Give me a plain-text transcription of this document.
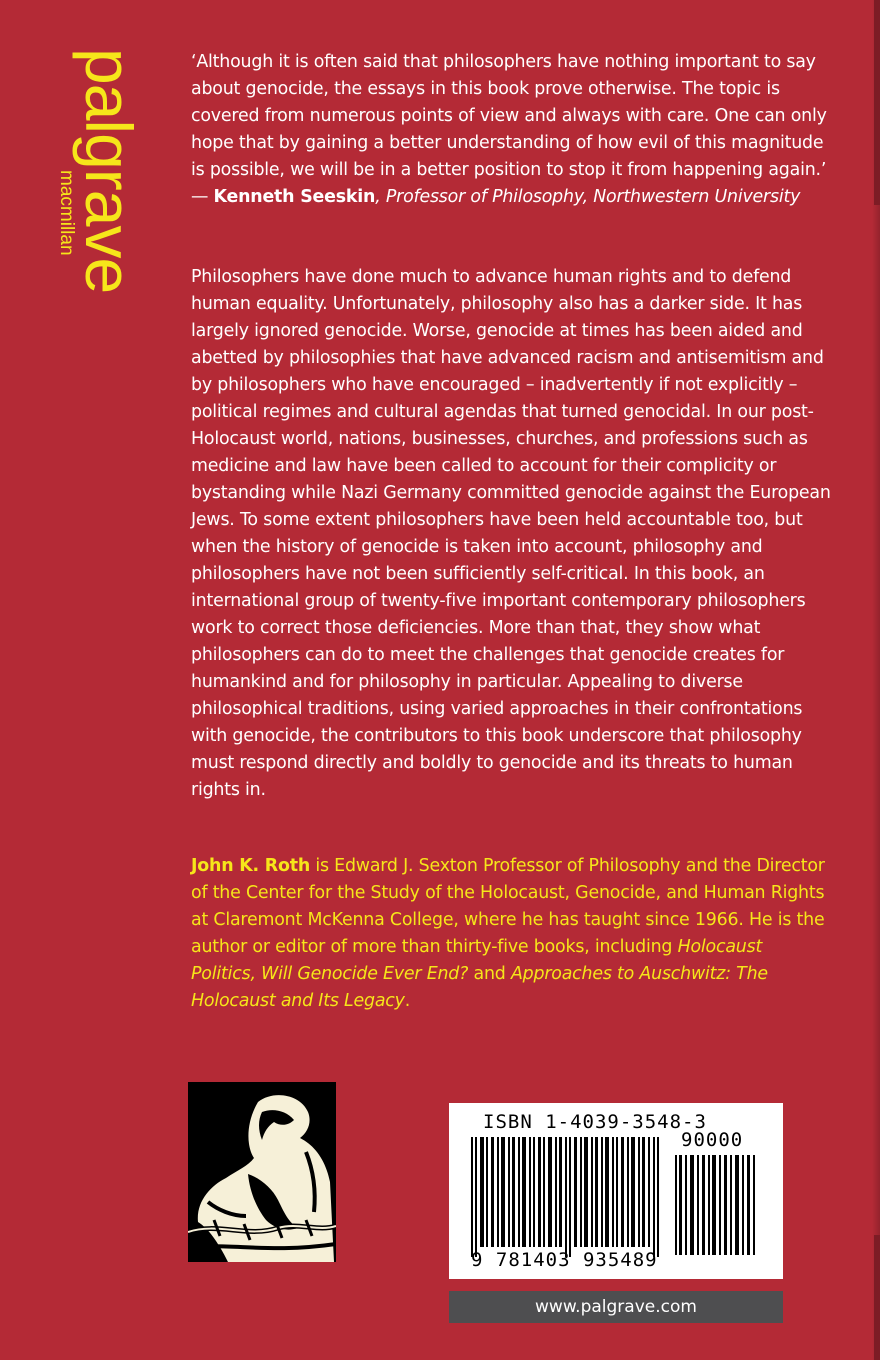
palgrave
macmillan
‘Although it is often said that philosophers have nothing important to say about genocide, the essays in this book prove otherwise. The topic is covered from numerous points of view and always with care. One can only hope that by gaining a better understanding of how evil of this magnitude is possible, we will be in a better position to stop it from happening again.’
— Kenneth Seeskin, Professor of Philosophy, Northwestern University
Philosophers have done much to advance human rights and to defend human equality. Unfortunately, philosophy also has a darker side. It has largely ignored genocide. Worse, genocide at times has been aided and abetted by philosophies that have advanced racism and antisemitism and by philosophers who have encouraged – inadvertently if not explicitly – political regimes and cultural agendas that turned genocidal. In our post-Holocaust world, nations, businesses, churches, and professions such as medicine and law have been called to account for their complicity or bystanding while Nazi Germany committed genocide against the European Jews. To some extent philosophers have been held accountable too, but when the history of genocide is taken into account, philosophy and philosophers have not been sufficiently self-critical. In this book, an international group of twenty-five important contemporary philosophers work to correct those deficiencies. More than that, they show what philosophers can do to meet the challenges that genocide creates for humankind and for philosophy in particular. Appealing to diverse philosophical traditions, using varied approaches in their confrontations with genocide, the contributors to this book underscore that philosophy must respond directly and boldly to genocide and its threats to human rights in.
John K. Roth is Edward J. Sexton Professor of Philosophy and the Director of the Center for the Study of the Holocaust, Genocide, and Human Rights at Claremont McKenna College, where he has taught since 1966. He is the author or editor of more than thirty-five books, including Holocaust Politics, Will Genocide Ever End? and Approaches to Auschwitz: The Holocaust and Its Legacy.
ISBN 1-4039-3548-3
90000
9 781403 935489
www.palgrave.com
